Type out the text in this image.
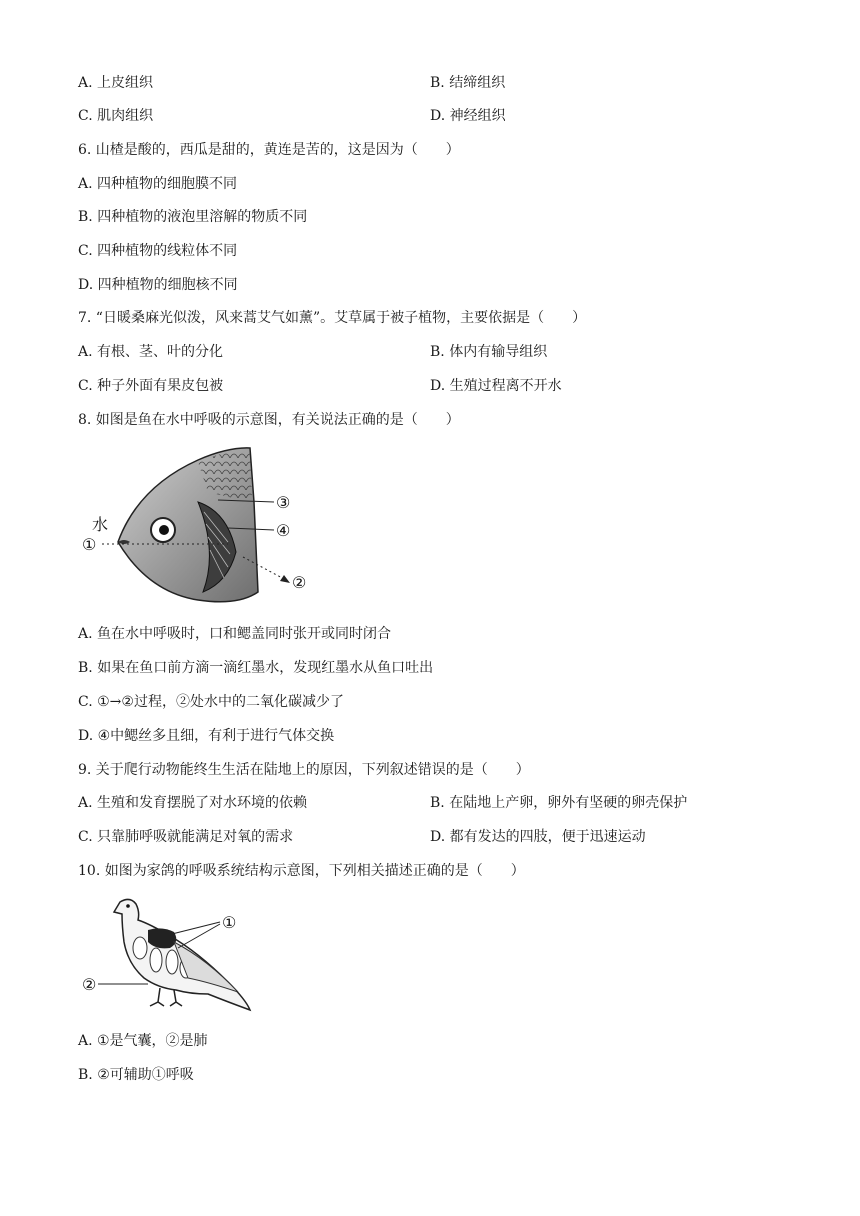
A. 上皮组织	B. 结缔组织
C. 肌肉组织	D. 神经组织
6. 山楂是酸的，西瓜是甜的，黄连是苦的，这是因为（　　）
A. 四种植物的细胞膜不同
B. 四种植物的液泡里溶解的物质不同
C. 四种植物的线粒体不同
D. 四种植物的细胞核不同
7. “日暖桑麻光似泼，风来蒿艾气如薰”。艾草属于被子植物，主要依据是（　　）
A. 有根、茎、叶的分化	B. 体内有输导组织
C. 种子外面有果皮包被	D. 生殖过程离不开水
8. 如图是鱼在水中呼吸的示意图，有关说法正确的是（　　）
水
①
②
③
④
A. 鱼在水中呼吸时，口和鳃盖同时张开或同时闭合
B. 如果在鱼口前方滴一滴红墨水，发现红墨水从鱼口吐出
C. ①→②过程，②处水中的二氧化碳减少了
D. ④中鳃丝多且细，有利于进行气体交换
9. 关于爬行动物能终生生活在陆地上的原因，下列叙述错误的是（　　）
A. 生殖和发育摆脱了对水环境的依赖	B. 在陆地上产卵，卵外有坚硬的卵壳保护
C. 只靠肺呼吸就能满足对氧的需求	D. 都有发达的四肢，便于迅速运动
10. 如图为家鸽的呼吸系统结构示意图，下列相关描述正确的是（　　）
①
②
A. ①是气囊，②是肺
B. ②可辅助①呼吸
